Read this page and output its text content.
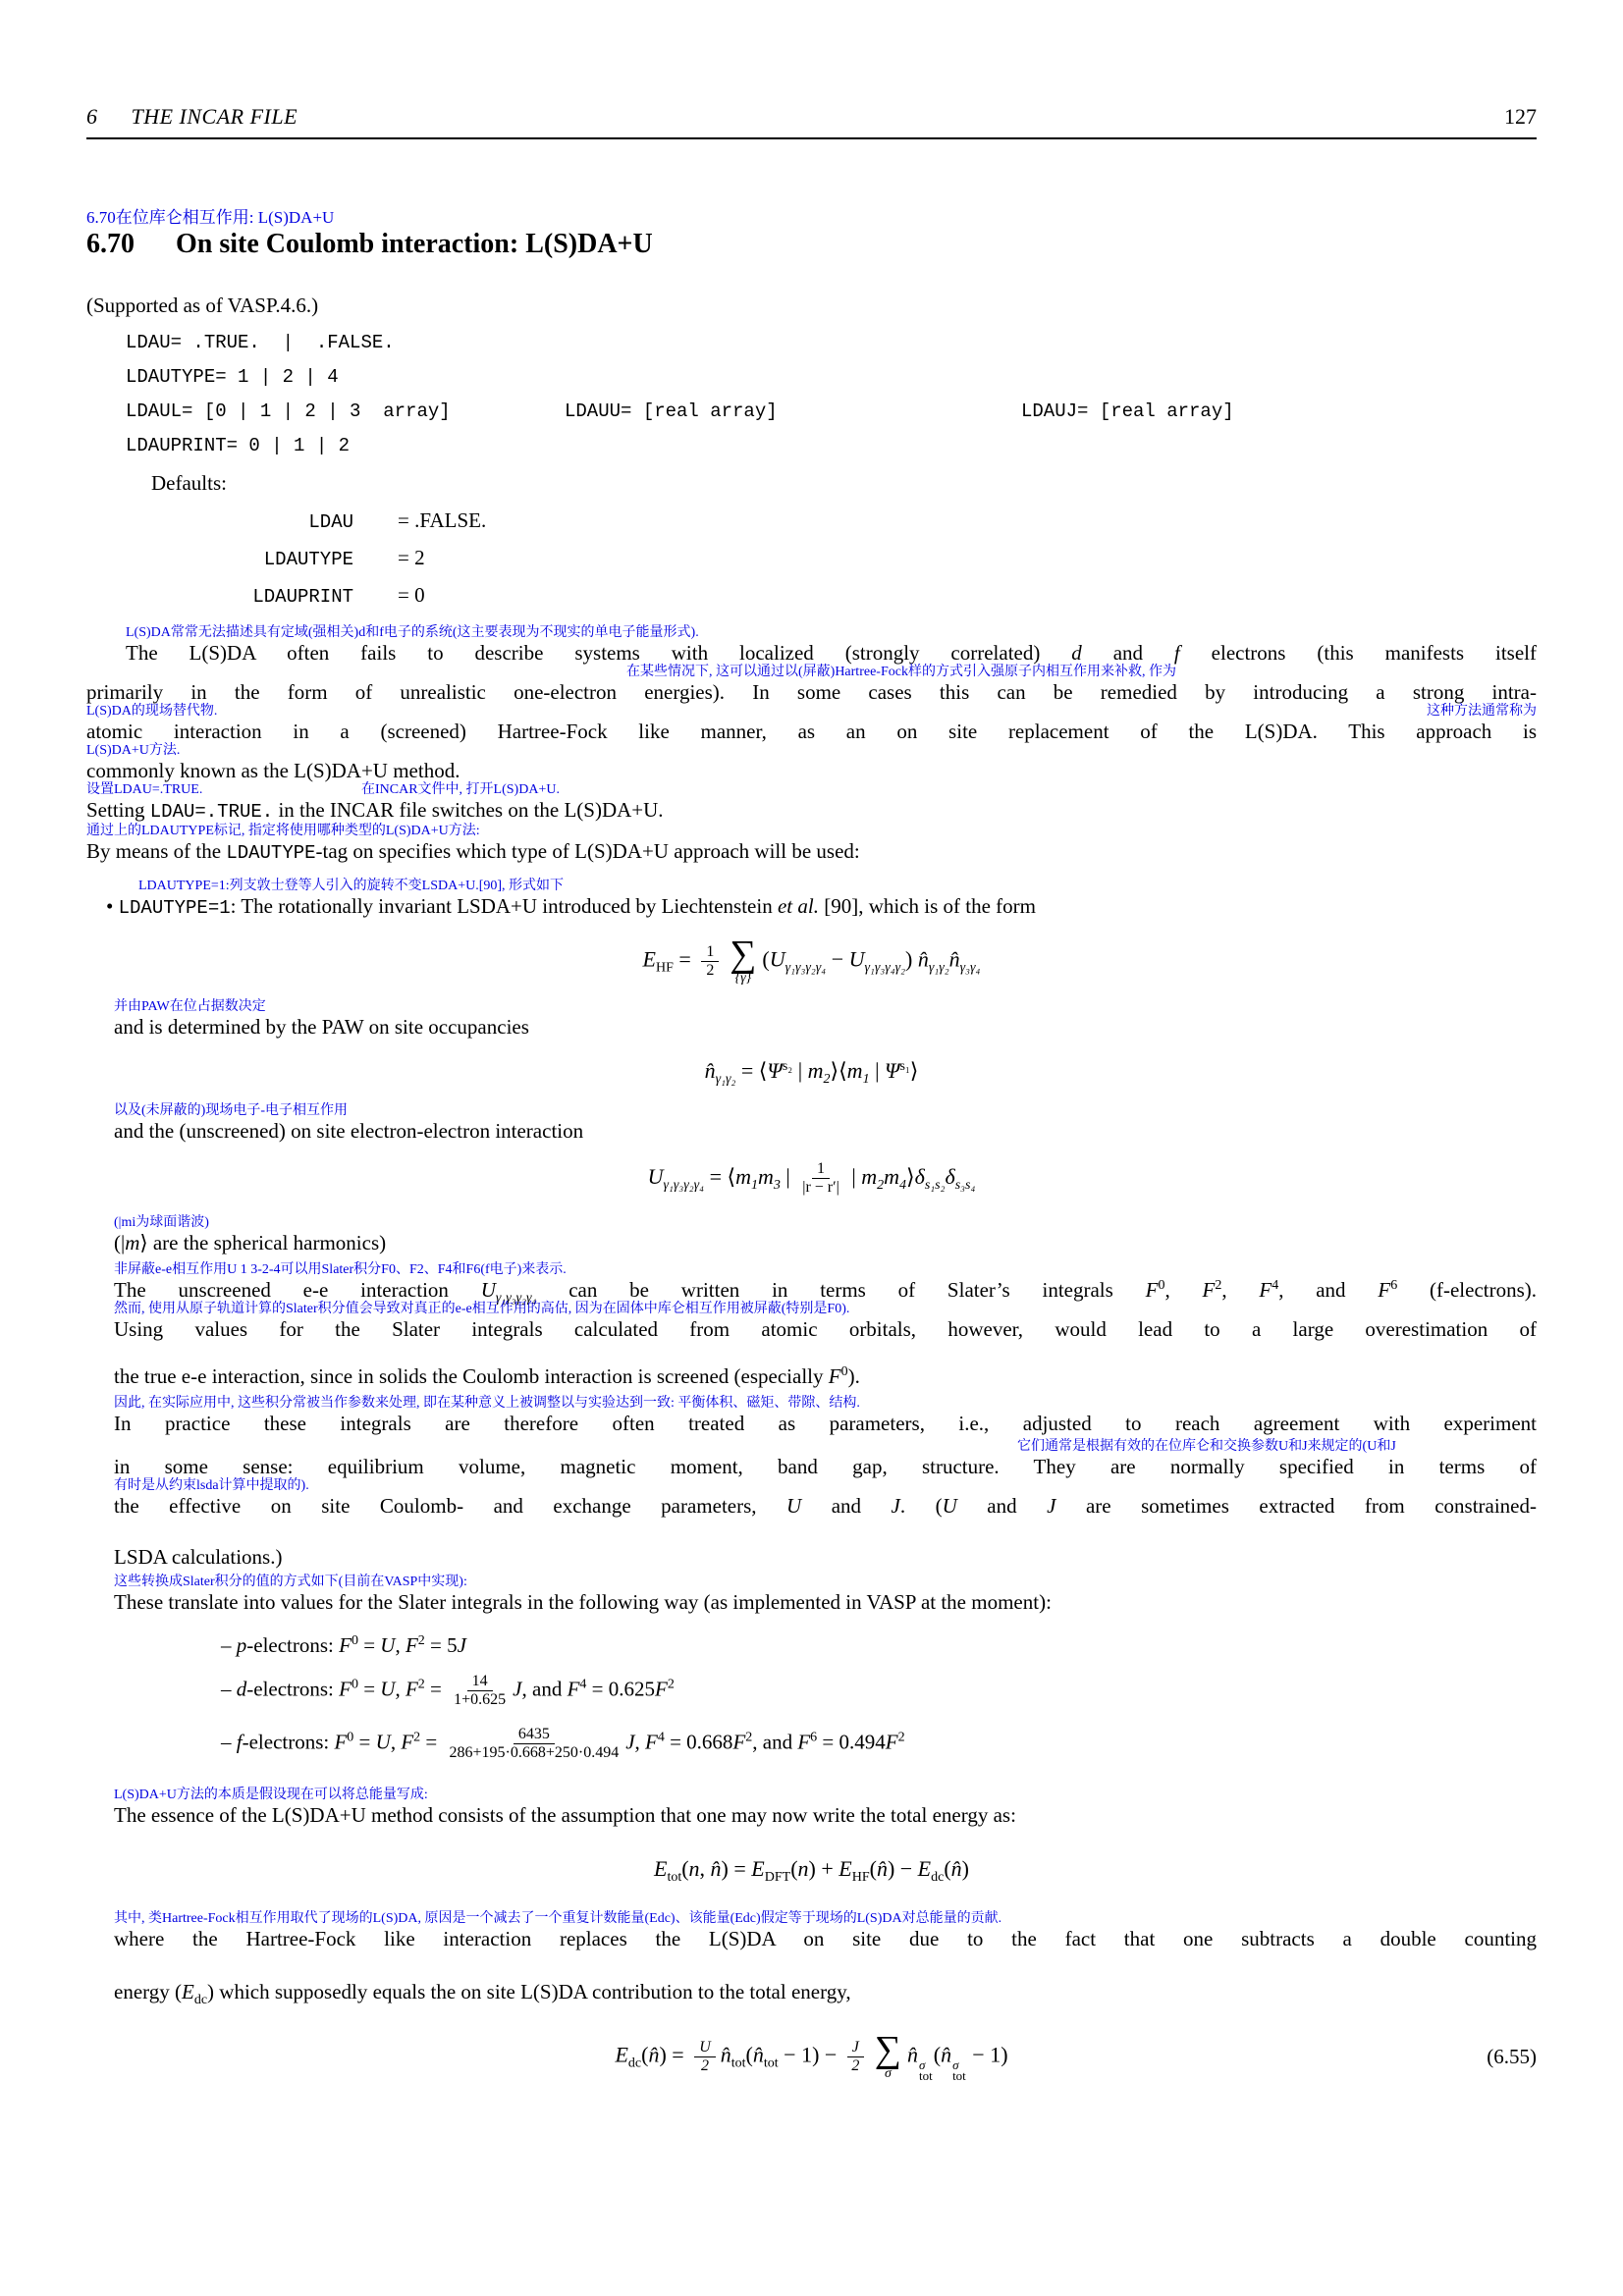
6 THE INCAR FILE	127
6.70在位库仑相互作用: L(S)DA+U
6.70 On site Coulomb interaction: L(S)DA+U

(Supported as of VASP.4.6.)

LDAU= .TRUE.  |  .FALSE.
LDAUTYPE= 1 | 2 | 4
LDAUL= [0 | 1 | 2 | 3  array]	LDAUU= [real array]	LDAUJ= [real array]
LDAUPRINT= 0 | 1 | 2
Defaults:
LDAU = .FALSE.
LDAUTYPE = 2
LDAUPRINT = 0
L(S)DA常常无法描述具有定域(强相关)d和f电子的系统(这主要表现为不现实的单电子能量形式).
The L(S)DA often fails to describe systems with localized (strongly correlated) d and f electrons (this manifests itself
在某些情况下, 这可以通过以(屏蔽)Hartree-Fock样的方式引入强原子内相互作用来补救, 作为
primarily in the form of unrealistic one-electron energies). In some cases this can be remedied by introducing a strong intra-
L(S)DA的现场替代物.	这种方法通常称为
atomic interaction in a (screened) Hartree-Fock like manner, as an on site replacement of the L(S)DA. This approach is
L(S)DA+U方法.
commonly known as the L(S)DA+U method.
设置LDAU=.TRUE.	在INCAR文件中, 打开L(S)DA+U.
Setting LDAU=.TRUE. in the INCAR file switches on the L(S)DA+U.
通过上的LDAUTYPE标记, 指定将使用哪种类型的L(S)DA+U方法:
By means of the LDAUTYPE-tag on specifies which type of L(S)DA+U approach will be used:
LDAUTYPE=1:列支敦士登等人引入的旋转不变LSDA+U.[90], 形式如下
• LDAUTYPE=1: The rotationally invariant LSDA+U introduced by Liechtenstein et al. [90], which is of the form
$E_{HF} = \frac{1}{2}$ ∑
{γ}
$(U_{\gamma_1\gamma_3\gamma_2\gamma_4} - U_{\gamma_1\gamma_3\gamma_4\gamma_2})$ $n̂_{\gamma_1\gamma_2}n̂_{\gamma_3\gamma_4}$
并由PAW在位占据数决定
and is determined by the PAW on site occupancies
$n̂_{\gamma_1\gamma_2}$ = $⟨\Psi^{s_2}$ | $m_2⟩⟨m_1$ | $\Psi^{s_1}⟩$
以及(未屏蔽的)现场电子-电子相互作用
and the (unscreened) on site electron-electron interaction
$U_{\gamma_1\gamma_3\gamma_2\gamma_4}$ = $⟨m_1m_3$ | $\frac{1}{|r - r'|}$ | $m_2m_4⟩\delta_{s_1s_2}\delta_{s_3s_4}$
(|mi为球面谐波)
(|m⟩ are the spherical harmonics)
非屏蔽e-e相互作用U 1 3-2-4可以用Slater积分F0、F2、F4和F6(f电子)来表示.
The unscreened e-e interaction $U_{\gamma_1\gamma_3\gamma_2\gamma_4}$ can be written in terms of Slater’s integrals $F^0$, $F^2$, $F^4$, and $F^6$ (f-electrons).
然而, 使用从原子轨道计算的Slater积分值会导致对真正的e-e相互作用的高估, 因为在固体中库仑相互作用被屏蔽(特别是F0).
Using values for the Slater integrals calculated from atomic orbitals, however, would lead to a large overestimation of
the true e-e interaction, since in solids the Coulomb interaction is screened (especially $F^0$).
因此, 在实际应用中, 这些积分常被当作参数来处理, 即在某种意义上被调整以与实验达到一致: 平衡体积、磁矩、带隙、结构.
In practice these integrals are therefore often treated as parameters, i.e., adjusted to reach agreement with experiment
它们通常是根据有效的在位库仑和交换参数U和J来规定的(U和J
in some sense: equilibrium volume, magnetic moment, band gap, structure. They are normally specified in terms of
有时是从约束lsda计算中提取的).
the effective on site Coulomb- and exchange parameters, U and J. (U and J are sometimes extracted from constrained-
LSDA calculations.)
这些转换成Slater积分的值的方式如下(目前在VASP中实现):
These translate into values for the Slater integrals in the following way (as implemented in VASP at the moment):
– p-electrons: $F^0 = U$, $F^2 = 5J$
– d-electrons: $F^0 = U$, $F^2 = \frac{14}{1+0.625} J$, and $F^4 = 0.625F^2$
– f-electrons: $F^0 = U$, $F^2 = \frac{6435}{286+195\cdot 0.668+250\cdot 0.494} J$, $F^4 = 0.668F^2$, and $F^6 = 0.494F^2$
L(S)DA+U方法的本质是假设现在可以将总能量写成:
The essence of the L(S)DA+U method consists of the assumption that one may now write the total energy as:
$E_{tot}(n$, n̂) = $E_{DFT}(n)$ + $E_{HF}(n̂)$ − $E_{dc}(n̂)$
其中, 类Hartree-Fock相互作用取代了现场的L(S)DA, 原因是一个减去了一个重复计数能量(Edc)、该能量(Edc)假定等于现场的L(S)DA对总能量的贡献.
where the Hartree-Fock like interaction replaces the L(S)DA on site due to the fact that one subtracts a double counting
energy $(E_{dc})$ which supposedly equals the on site L(S)DA contribution to the total energy,
$E_{dc}(n̂) = \frac{U}{2}$ $n̂_{tot}(n̂_{tot} - 1) - \frac{J}{2}$ ∑
σ
n̂ σ
tot
(n̂ σ
tot
− 1)	(6.55)
